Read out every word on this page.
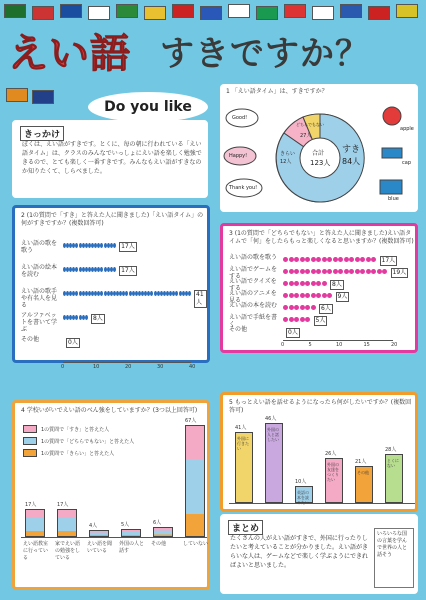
えい語 すきですか？
Do you like
きっかけ
ぼくは、えい語がすきです。とくに、毎の朝に行われている「えい語タイム」は、クラスのみんなでいっしょにえい語を楽しく勉強できるので、とても楽しく一番すきです。みんなもえい語がすきなのか知りたくて、しらべました。
1 「えい語タイム」は、すきですか？
合計
123人
すき
84人
どちらでもない
27人
きらい
12人
Good!
Happy!
Thank you!
apple
cap
blue
2 (1の質問で「すき」と答えた人に聞きました)「えい語タイム」の何がすきですか？(複数回答可)
えい語の歌を歌う
17人
えい語の絵本を読む
17人
えい語の歌手や有名人を見る
41人
アルファベットを書いて学ぶ
8人
その他	0人
0	10	20	30	40
3 (1の質問で「どちらでもない」と答えた人に聞きました)えい語タイムで「何」をしたらもっと楽しくなると思いますか？(複数回答可)
えい語の歌を歌う	17人
えい語でゲームをする
19人
えい語でクイズをする
8人
えい語のアニメを見る
9人
えい語の本を読む	6人
えい語で手紙を書く
5人
その他	0人
0	5	10	15	20
4 学校いがいでえい語のべん強をしていますか？(3つ以上回答可)
1の質問で「すき」と答えた人
1の質問で「どちらでもない」と答えた人
1の質問で「きらい」と答えた人
17人
えい語教室に行っている
17人
家でえい語の勉強をしている
4人
えい語を聞いている
5人
外国の人と話す
6人
その他
67人
していない
5 もっとえい語を話せるようになったら何がしたいですか？(複数回答可)
41人
外国に行きたい
46人
外国の人と話したい
10人
英語の本を読
26人
外国の友達をつくりたい
21人
その他
28人
とくにない
まとめ
たくさんの人がえい語がすきで、外国に行ったりしたいと考えていることが分かりました。えい語がきらいな人は、ゲームなどで楽しく学ぶようにできればよいと思いました。
いろいろな国の言葉を学んで世界の人と話そう
